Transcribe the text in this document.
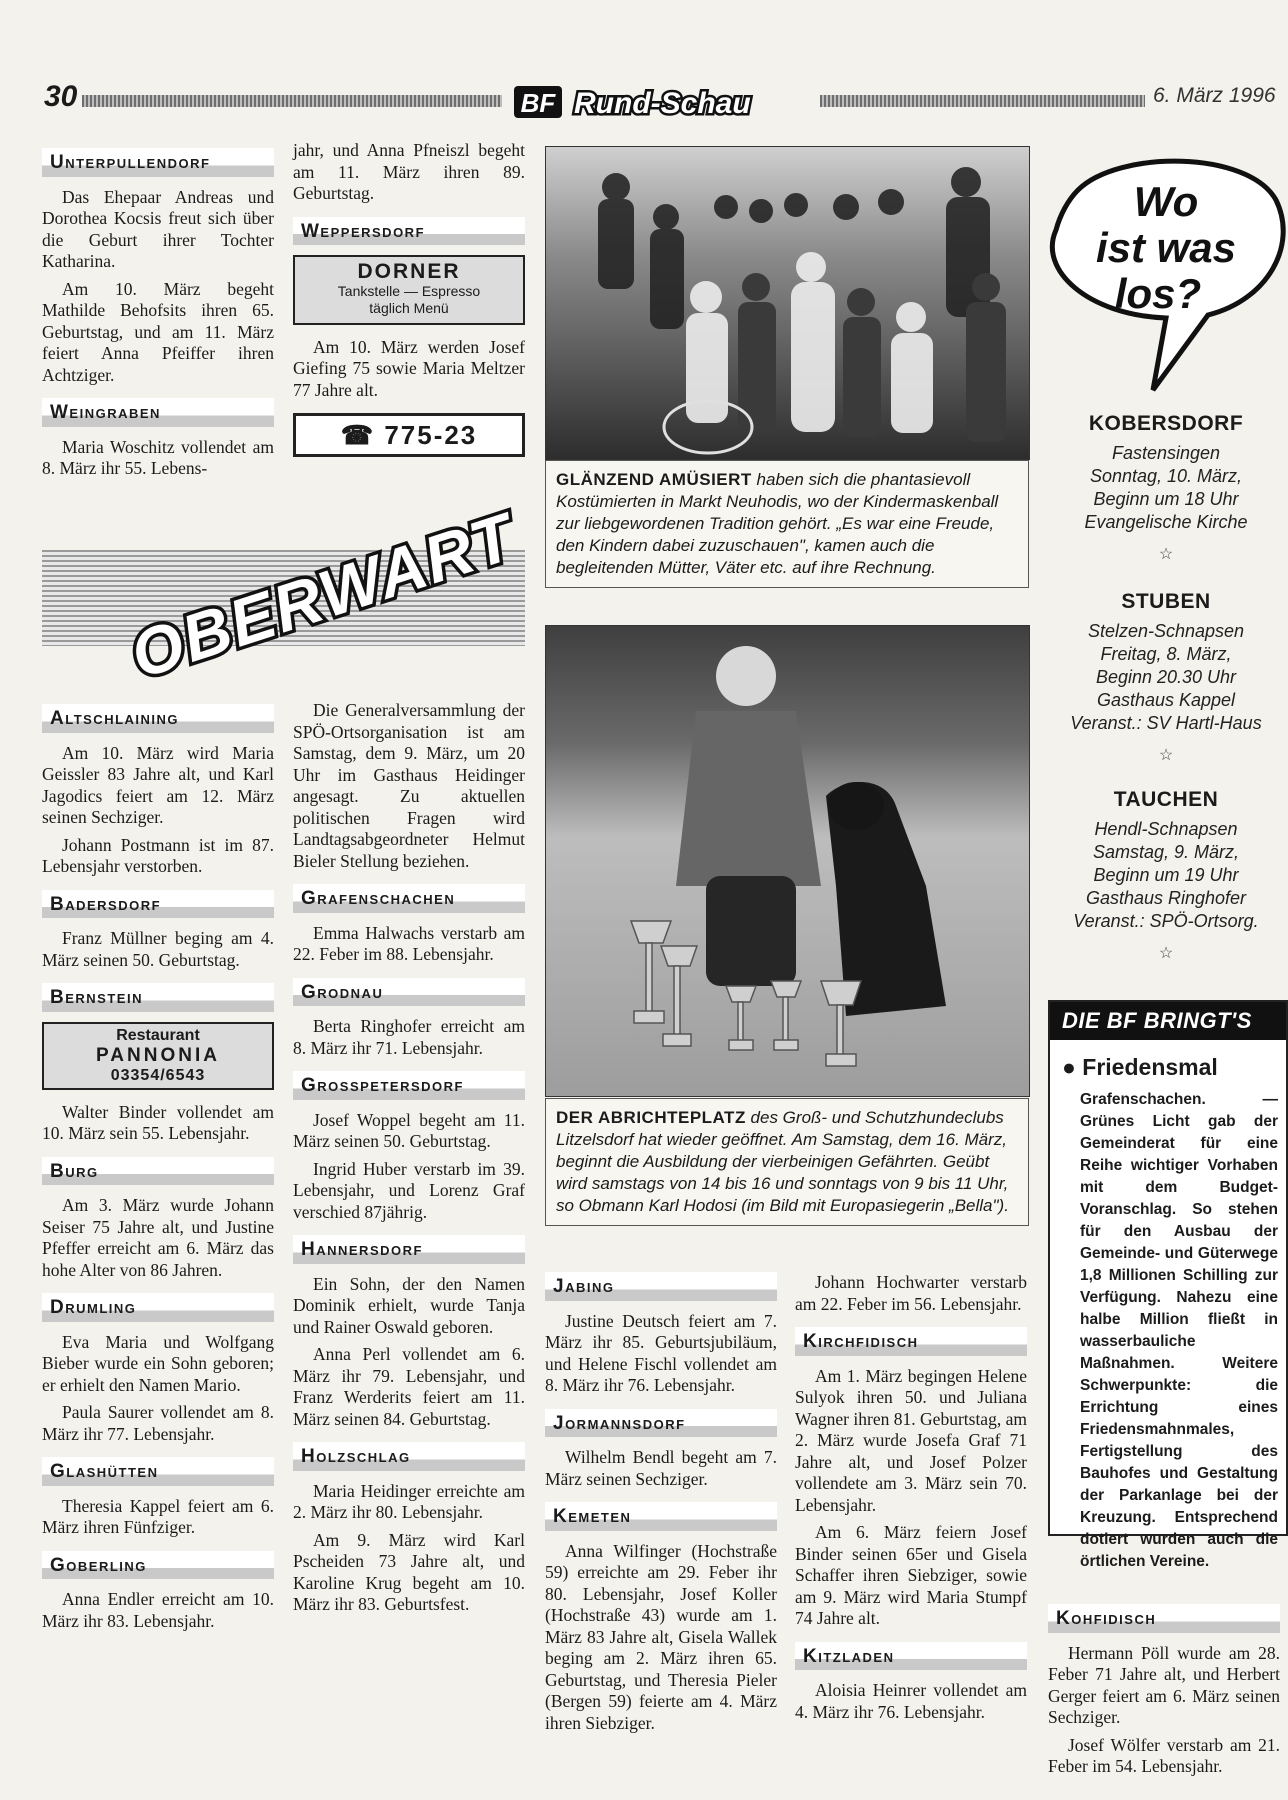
30	BF Rund-Schau	6. März 1996
Unterpullendorf

Das Ehepaar Andreas und Dorothea Kocsis freut sich über die Geburt ihrer Tochter Katharina.

Am 10. März begeht Mathilde Behofsits ihren 65. Geburtstag, und am 11. März feiert Anna Pfeiffer ihren Achtziger.

Weingraben

Maria Woschitz vollendet am 8. März ihr 55. Lebens-

jahr, und Anna Pfneiszl begeht am 11. März ihren 89. Geburtstag.

Weppersdorf
DORNER
Tankstelle — Espresso
täglich Menü

Am 10. März werden Josef Giefing 75 sowie Maria Meltzer 77 Jahre alt.

☎ 775-23
OBERWART
Altschlaining

Am 10. März wird Maria Geissler 83 Jahre alt, und Karl Jagodics feiert am 12. März seinen Sechziger.

Johann Postmann ist im 87. Lebensjahr verstorben.

Badersdorf

Franz Müllner beging am 4. März seinen 50. Geburtstag.

Bernstein
Restaurant
PANNONIA
03354/6543

Walter Binder vollendet am 10. März sein 55. Lebensjahr.

Burg

Am 3. März wurde Johann Seiser 75 Jahre alt, und Justine Pfeffer erreicht am 6. März das hohe Alter von 86 Jahren.

Drumling

Eva Maria und Wolfgang Bieber wurde ein Sohn geboren; er erhielt den Namen Mario.

Paula Saurer vollendet am 8. März ihr 77. Lebensjahr.

Glashütten

Theresia Kappel feiert am 6. März ihren Fünfziger.

Goberling

Anna Endler erreicht am 10. März ihr 83. Lebensjahr.

Die Generalversammlung der SPÖ-Ortsorganisation ist am Samstag, dem 9. März, um 20 Uhr im Gasthaus Heidinger angesagt. Zu aktuellen politischen Fragen wird Landtagsabgeordneter Helmut Bieler Stellung beziehen.

Grafenschachen

Emma Halwachs verstarb am 22. Feber im 88. Lebensjahr.

Grodnau

Berta Ringhofer erreicht am 8. März ihr 71. Lebensjahr.

Grosspetersdorf

Josef Woppel begeht am 11. März seinen 50. Geburtstag.

Ingrid Huber verstarb im 39. Lebensjahr, und Lorenz Graf verschied 87jährig.

Hannersdorf

Ein Sohn, der den Namen Dominik erhielt, wurde Tanja und Rainer Oswald geboren.

Anna Perl vollendet am 6. März ihr 79. Lebensjahr, und Franz Werderits feiert am 11. März seinen 84. Geburtstag.

Holzschlag

Maria Heidinger erreichte am 2. März ihr 80. Lebensjahr.

Am 9. März wird Karl Pscheiden 73 Jahre alt, und Karoline Krug begeht am 10. März ihr 83. Geburtsfest.

GLÄNZEND AMÜSIERT haben sich die phantasievoll Kostümierten in Markt Neuhodis, wo der Kindermaskenball zur liebgewordenen Tradition gehört. „Es war eine Freude, den Kindern dabei zuzuschauen", kamen auch die begleitenden Mütter, Väter etc. auf ihre Rechnung.
DER ABRICHTEPLATZ des Groß- und Schutzhundeclubs Litzelsdorf hat wieder geöffnet. Am Samstag, dem 16. März, beginnt die Ausbildung der vierbeinigen Gefährten. Geübt wird samstags von 14 bis 16 und sonntags von 9 bis 11 Uhr, so Obmann Karl Hodosi (im Bild mit Europasiegerin „Bella").
Jabing

Justine Deutsch feiert am 7. März ihr 85. Geburtsjubiläum, und Helene Fischl vollendet am 8. März ihr 76. Lebensjahr.

Jormannsdorf

Wilhelm Bendl begeht am 7. März seinen Sechziger.

Kemeten

Anna Wilfinger (Hochstraße 59) erreichte am 29. Feber ihr 80. Lebensjahr, Josef Koller (Hochstraße 43) wurde am 1. März 83 Jahre alt, Gisela Wallek beging am 2. März ihren 65. Geburtstag, und Theresia Pieler (Bergen 59) feierte am 4. März ihren Siebziger.

Johann Hochwarter verstarb am 22. Feber im 56. Lebensjahr.

Kirchfidisch

Am 1. März begingen Helene Sulyok ihren 50. und Juliana Wagner ihren 81. Geburtstag, am 2. März wurde Josefa Graf 71 Jahre alt, und Josef Polzer vollendete am 3. März sein 70. Lebensjahr.

Am 6. März feiern Josef Binder seinen 65er und Gisela Schaffer ihren Siebziger, sowie am 9. März wird Maria Stumpf 74 Jahre alt.

Kitzladen

Aloisia Heinrer vollendet am 4. März ihr 76. Lebensjahr.

Wo
ist was
los?
KOBERSDORF
Fastensingen
Sonntag, 10. März,
Beginn um 18 Uhr
Evangelische Kirche
☆
STUBEN
Stelzen-Schnapsen
Freitag, 8. März,
Beginn 20.30 Uhr
Gasthaus Kappel
Veranst.: SV Hartl-Haus
☆
TAUCHEN
Hendl-Schnapsen
Samstag, 9. März,
Beginn um 19 Uhr
Gasthaus Ringhofer
Veranst.: SPÖ-Ortsorg.
☆
DIE BF BRINGT'S
● Friedensmal
Grafenschachen. — Grünes Licht gab der Gemeinderat für eine Reihe wichtiger Vorhaben mit dem Budget-Voranschlag. So stehen für den Ausbau der Gemeinde- und Güterwege 1,8 Millionen Schilling zur Verfügung. Nahezu eine halbe Million fließt in wasserbauliche Maßnahmen. Weitere Schwerpunkte: die Errichtung eines Friedensmahnmales, Fertigstellung des Bauhofes und Gestaltung der Parkanlage bei der Kreuzung. Entsprechend dotiert wurden auch die örtlichen Vereine.
Kohfidisch

Hermann Pöll wurde am 28. Feber 71 Jahre alt, und Herbert Gerger feiert am 6. März seinen Sechziger.

Josef Wölfer verstarb am 21. Feber im 54. Lebensjahr.
